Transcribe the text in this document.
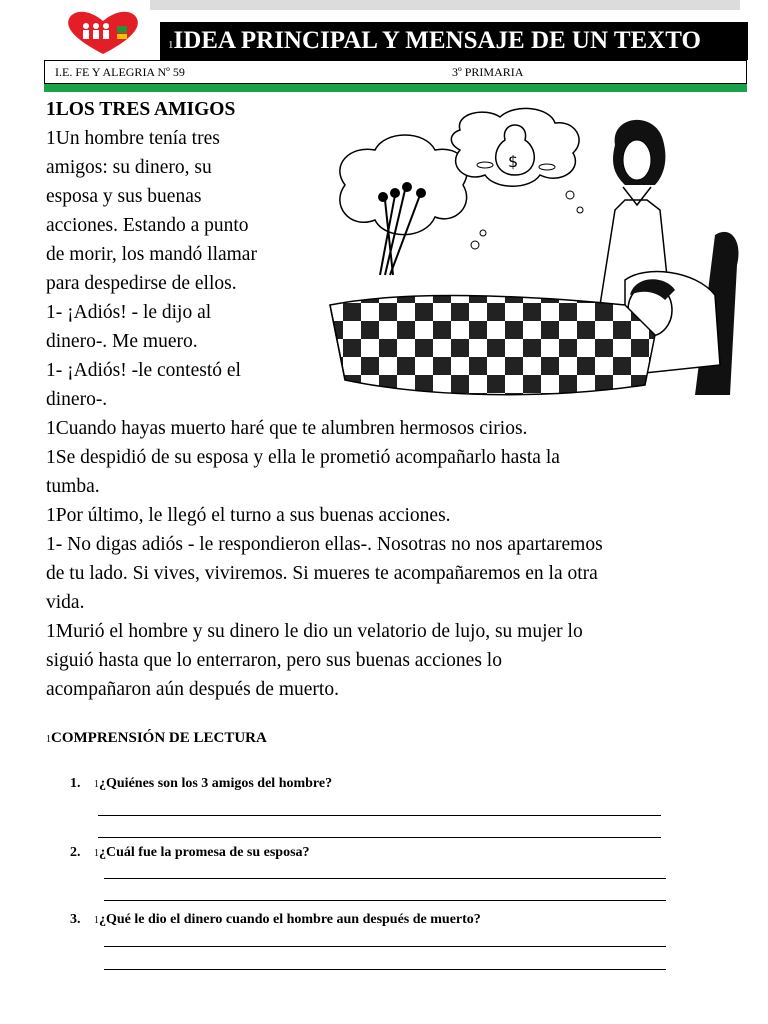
1IDEA PRINCIPAL Y MENSAJE DE UN TEXTO
I.E. FE Y ALEGRIA Nº 59	3º PRIMARIA
1LOS TRES AMIGOS
1Un hombre tenía tres
amigos: su dinero, su
esposa y sus buenas
acciones. Estando a punto
de morir, los mandó llamar
para despedirse de ellos.
1- ¡Adiós! - le dijo al
dinero-. Me muero.
1- ¡Adiós! -le contestó el
dinero-.
1Cuando hayas muerto haré que te alumbren hermosos cirios.
1Se despidió de su esposa y ella le prometió acompañarlo hasta la
tumba.
1Por último, le llegó el turno a sus buenas acciones.
1- No digas adiós - le respondieron ellas-. Nosotras no nos apartaremos
de tu lado. Si vives, viviremos. Si mueres te acompañaremos en la otra
vida.
1Murió el hombre y su dinero le dio un velatorio de lujo, su mujer lo
siguió hasta que lo enterraron, pero sus buenas acciones lo
acompañaron aún después de muerto.
$
1COMPRENSIÓN DE LECTURA
1. 1¿Quiénes son los 3 amigos del hombre?
2. 1¿Cuál fue la promesa de su esposa?
3. 1¿Qué le dio el dinero cuando el hombre aun después de muerto?
